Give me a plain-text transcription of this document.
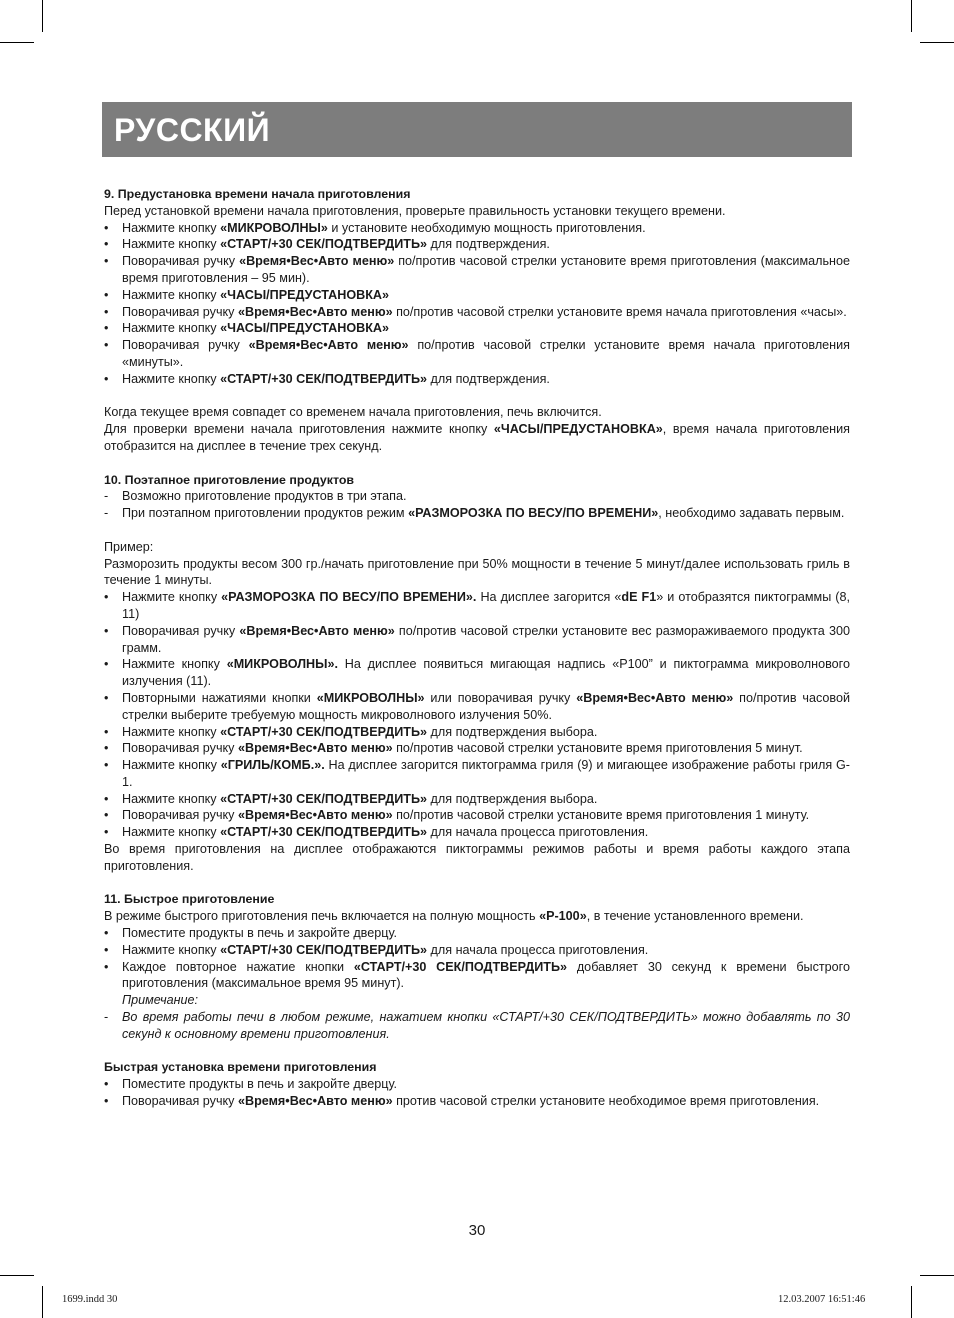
РУССКИЙ

9. Предустановка времени начала приготовления

Перед установкой времени начала приготовления, проверьте правильность установки текущего времени.

•	Нажмите кнопку «МИКРОВОЛНЫ» и установите необходимую мощность приготовления.
•	Нажмите кнопку «СТАРТ/+30 СЕК/ПОДТВЕРДИТЬ» для подтверждения.
•	Поворачивая ручку «Время•Вес•Авто меню» по/против часовой стрелки установите время приготовления (максимальное время приготовления – 95 мин).
•	Нажмите кнопку «ЧАСЫ/ПРЕДУСТАНОВКА»
•	Поворачивая ручку «Время•Вес•Авто меню» по/против часовой стрелки установите время начала приготовления «часы».
•	Нажмите кнопку «ЧАСЫ/ПРЕДУСТАНОВКА»
•	Поворачивая ручку «Время•Вес•Авто меню» по/против часовой стрелки установите время начала приготовления «минуты».
•	Нажмите кнопку «СТАРТ/+30 СЕК/ПОДТВЕРДИТЬ» для подтверждения.

Когда текущее время совпадет со временем начала приготовления, печь включится.

Для проверки времени начала приготовления нажмите кнопку «ЧАСЫ/ПРЕДУСТАНОВКА», время начала приготовления отобразится на дисплее в течение трех секунд.

10. Поэтапное приготовление продуктов

-	Возможно приготовление продуктов в три этапа.
-	При поэтапном приготовлении продуктов режим «РАЗМОРОЗКА ПО ВЕСУ/ПО ВРЕМЕНИ», необходимо задавать первым.

Пример:

Разморозить продукты весом 300 гр./начать приготовление при 50% мощности в течение 5 минут/далее использовать гриль в течение 1 минуты.

•	Нажмите кнопку «РАЗМОРОЗКА ПО ВЕСУ/ПО ВРЕМЕНИ». На дисплее загорится «dE F1» и отобразятся пиктограммы (8, 11)
•	Поворачивая ручку «Время•Вес•Авто меню» по/против часовой стрелки установите вес размораживаемого продукта 300 грамм.
•	Нажмите кнопку «МИКРОВОЛНЫ». На дисплее появиться мигающая надпись «P100” и пиктограмма микроволнового излучения (11).
•	Повторными нажатиями кнопки «МИКРОВОЛНЫ» или поворачивая ручку «Время•Вес•Авто меню» по/против часовой стрелки выберите требуемую мощность микроволнового излучения 50%.
•	Нажмите кнопку «СТАРТ/+30 СЕК/ПОДТВЕРДИТЬ» для подтверждения выбора.
•	Поворачивая ручку «Время•Вес•Авто меню» по/против часовой стрелки установите время приготовления 5 минут.
•	Нажмите кнопку «ГРИЛЬ/КОМБ.». На дисплее загорится пиктограмма гриля (9) и мигающее изображение работы гриля G-1.
•	Нажмите кнопку «СТАРТ/+30 СЕК/ПОДТВЕРДИТЬ» для подтверждения выбора.
•	Поворачивая ручку «Время•Вес•Авто меню» по/против часовой стрелки установите время приготовления 1 минуту.
•	Нажмите кнопку «СТАРТ/+30 СЕК/ПОДТВЕРДИТЬ» для начала процесса приготовления.

Во время приготовления на дисплее отображаются пиктограммы режимов работы и время работы каждого этапа приготовления.

11. Быстрое приготовление

В режиме быстрого приготовления печь включается на полную мощность «P-100», в течение установленного времени.

•	Поместите продукты в печь и закройте дверцу.
•	Нажмите кнопку «СТАРТ/+30 СЕК/ПОДТВЕРДИТЬ» для начала процесса приготовления.
•	Каждое повторное нажатие кнопки «СТАРТ/+30 СЕК/ПОДТВЕРДИТЬ» добавляет 30 секунд к времени быстрого приготовления (максимальное время 95 минут).
Примечание:
-	Во время работы печи в любом режиме, нажатием кнопки «СТАРТ/+30 СЕК/ПОДТВЕРДИТЬ» можно добавлять по 30 секунд к основному времени приготовления.

Быстрая установка времени приготовления

•	Поместите продукты в печь и закройте дверцу.
•	Поворачивая ручку «Время•Вес•Авто меню» против часовой стрелки установите необходимое время приготовления.
30
1699.indd 30	12.03.2007 16:51:46
